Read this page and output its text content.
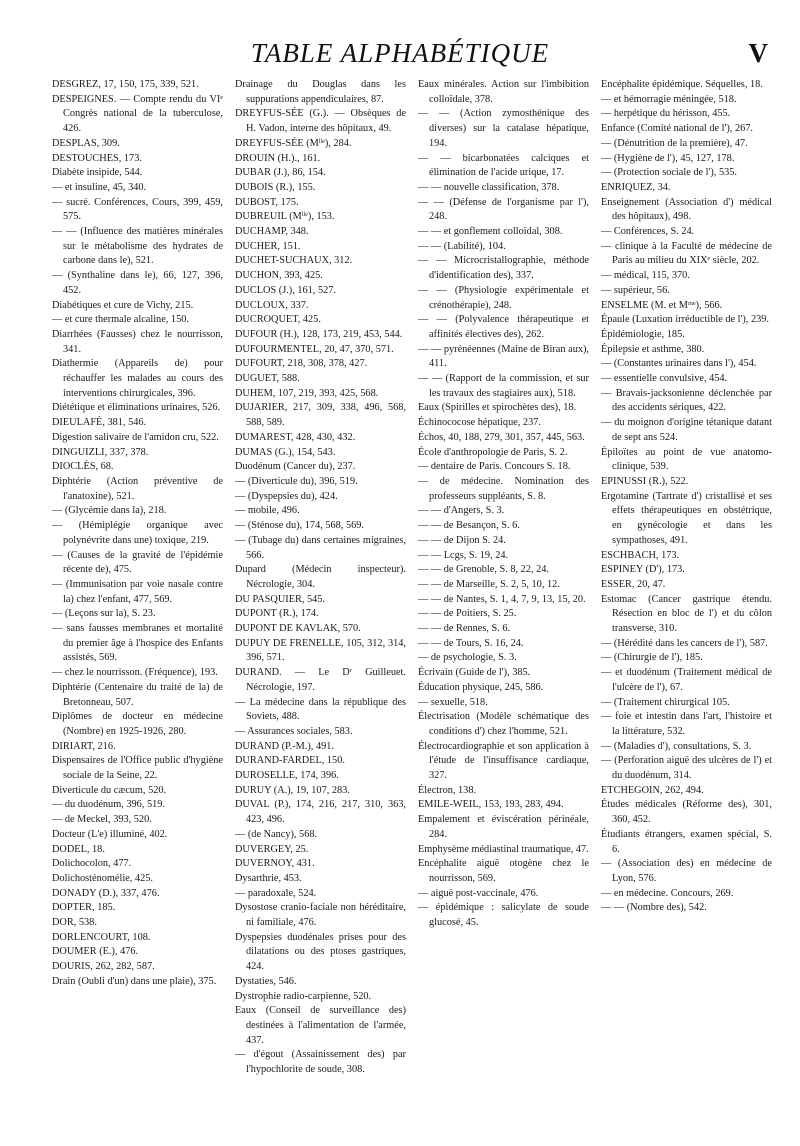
TABLE ALPHABÉTIQUE	V
DESGREZ, 17, 150, 175, 339, 521.
DESPEIGNES. — Compte rendu du VIᵉ Congrès national de la tuberculose, 426.
DESPLAS, 309.
DESTOUCHES, 173.
Diabète insipide, 544.
— et insuline, 45, 340.
— sucré. Conférences, Cours, 399, 459, 575.
— — (Influence des matières minérales sur le métabolisme des hydrates de carbone dans le), 521.
— (Synthaline dans le), 66, 127, 396, 452.
Diabétiques et cure de Vichy, 215.
— et cure thermale alcaline, 150.
Diarrhées (Fausses) chez le nourrisson, 341.
Diathermie (Appareils de) pour réchauffer les malades au cours des interventions chirurgicales, 396.
Diététique et éliminations urinaires, 526.
DIEULAFÉ, 381, 546.
Digestion salivaire de l'amidon cru, 522.
DINGUIZLI, 337, 378.
DIOCLÈS, 68.
Diphtérie (Action préventive de l'anatoxine), 521.
— (Glycémie dans la), 218.
— (Hémiplégie organique avec polynévrite dans une) toxique, 219.
— (Causes de la gravité de l'épidémie récente de), 475.
— (Immunisation par voie nasale contre la) chez l'enfant, 477, 569.
— (Leçons sur la), S. 23.
— sans fausses membranes et mortalité du premier âge à l'hospice des Enfants assistés, 569.
— chez le nourrisson. (Fréquence), 193.
Diphtérie (Centenaire du traité de la) de Bretonneau, 507.
Diplômes de docteur en médecine (Nombre) en 1925-1926, 280.
DIRIART, 216.
Dispensaires de l'Office public d'hygiène sociale de la Seine, 22.
Diverticule du cæcum, 520.
— du duodénum, 396, 519.
— de Meckel, 393, 520.
Docteur (L'e) illuminé, 402.
DODEL, 18.
Dolichocolon, 477.
Dolichosténomélie, 425.
DONADY (D.), 337, 476.
DOPTER, 185.
DOR, 538.
DORLENCOURT, 108.
DOUMER (E.), 476.
DOURIS, 262, 282, 587.
Drain (Oubli d'un) dans une plaie), 375.
Drainage du Douglas dans les suppurations appendiculaires, 87.
DREYFUS-SÉE (G.). — Obsèques de H. Vadon, interne des hôpitaux, 49.
DREYFUS-SÉE (Mˡˡᵉ), 284.
DROUIN (H.)., 161.
DUBAR (J.), 86, 154.
DUBOIS (R.), 155.
DUBOST, 175.
DUBREUIL (Mˡˡᵉ), 153.
DUCHAMP, 348.
DUCHER, 151.
DUCHET-SUCHAUX, 312.
DUCHON, 393, 425.
DUCLOS (J.), 161, 527.
DUCLOUX, 337.
DUCROQUET, 425.
DUFOUR (H.), 128, 173, 219, 453, 544.
DUFOURMENTEL, 20, 47, 370, 571.
DUFOURT, 218, 308, 378, 427.
DUGUET, 588.
DUHEM, 107, 219, 393, 425, 568.
DUJARIER, 217, 309, 338, 496, 568, 588, 589.
DUMAREST, 428, 430, 432.
DUMAS (G.), 154, 543.
Duodénum (Cancer du), 237.
— (Diverticule du), 396, 519.
— (Dyspepsies du), 424.
— mobile, 496.
— (Sténose du), 174, 568, 569.
— (Tubage du) dans certaines migraines, 566.
Dupard (Médecin inspecteur). Nécrologie, 304.
DU PASQUIER, 545.
DUPONT (R.), 174.
DUPONT DE KAVLAK, 570.
DUPUY DE FRENELLE, 105, 312, 314, 396, 571.
DURAND. — Le Dʳ Guilleuet. Nécrologie, 197.
— La médecine dans la république des Soviets, 488.
— Assurances sociales, 583.
DURAND (P.-M.), 491.
DURAND-FARDEL, 150.
DUROSELLE, 174, 396.
DURUY (A.), 19, 107, 283.
DUVAL (P.), 174, 216, 217, 310, 363, 423, 496.
— (de Nancy), 568.
DUVERGEY, 25.
DUVERNOY, 431.
Dysarthrie, 453.
— paradoxale, 524.
Dysostose cranio-faciale non héréditaire, ni familiale, 476.
Dyspepsies duodénales prises pour des dilatations ou des ptoses gastriques, 424.
Dystaties, 546.
Dystrophie radio-carpienne, 520.
Eaux (Conseil de surveillance des) destinées à l'alimentation de l'armée, 437.
— d'égout (Assainissement des) par l'hypochlorite de soude, 308.
Eaux minérales. Action sur l'imbibition colloïdale, 378.
— — (Action zymosthénique des diverses) sur la catalase hépatique, 194.
— — bicarbonatées calciques et élimination de l'acide urique, 17.
— — nouvelle classification, 378.
— — (Défense de l'organisme par l'), 248.
— — et gonflement colloïdal, 308.
— — (Labilité), 104.
— — Microcristallographie, méthode d'identification des), 337.
— — (Physiologie expérimentale et crénothérapie), 248.
— — (Polyvalence thérapeutique et affinités électives des), 262.
— — pyrénéennes (Maine de Biran aux), 411.
— — (Rapport de la commission, et sur les travaux des stagiaires aux), 518.
Eaux (Spirilles et spirochètes des), 18.
Échinococose hépatique, 237.
Échos, 40, 188, 279, 301, 357, 445, 563.
École d'anthropologie de Paris, S. 2.
— dentaire de Paris. Concours S. 18.
— de médecine. Nomination des professeurs suppléants, S. 8.
— — d'Angers, S. 3.
— — de Besançon, S. 6.
— — de Dijon S. 24.
— — Lcgs, S. 19, 24.
— — de Grenoble, S. 8, 22, 24.
— — de Marseille, S. 2, 5, 10, 12.
— — de Nantes, S. 1, 4, 7, 9, 13, 15, 20.
— — de Poitiers, S. 25.
— — de Rennes, S. 6.
— — de Tours, S. 16, 24.
— de psychologie, S. 3.
Écrivain (Guide de l'), 385.
Éducation physique, 245, 586.
— sexuelle, 518.
Électrisation (Modèle schématique des conditions d') chez l'homme, 521.
Électrocardiographie et son application à l'étude de l'insuffisance cardiaque, 327.
Électron, 138.
EMILE-WEIL, 153, 193, 283, 494.
Empalement et éviscération périnéale, 284.
Emphysème médiastinal traumatique, 47.
Encéphalite aiguë otogène chez le nourrisson, 569.
— aiguë post-vaccinale, 476.
— épidémique : salicylate de soude glucosé, 45.
Encéphalite épidémique. Séquelles, 18.
— et hémorragie méningée, 518.
— herpétique du hérisson, 455.
Enfance (Comité national de l'), 267.
— (Dénutrition de la première), 47.
— (Hygiène de l'), 45, 127, 178.
— (Protection sociale de l'), 535.
ENRIQUEZ, 34.
Enseignement (Association d') médical des hôpitaux), 498.
— Conférences, S. 24.
— clinique à la Faculté de médecine de Paris au milieu du XIXᵉ siècle, 202.
— médical, 115, 370.
— supérieur, 56.
ENSELME (M. et Mᵐᵉ), 566.
Épaule (Luxation irréductible de l'), 239.
Épidémiologie, 185.
Épilepsie et asthme, 380.
— (Constantes urinaires dans l'), 454.
— essentielle convulsive, 454.
— Bravais-jacksonienne déclenchée par des accidents sériques, 422.
— du moignon d'origine tétanique datant de sept ans 524.
Épiloïtes au point de vue anatomo-clinique, 539.
EPINUSSI (R.), 522.
Ergotamine (Tartrate d') cristallisé et ses effets thérapeutiques en obstétrique, en gynécologie et dans les sympathoses, 491.
ESCHBACH, 173.
ESPINEY (D'), 173.
ESSER, 20, 47.
Estomac (Cancer gastrique étendu. Résection en bloc de l') et du côlon transverse, 310.
— (Hérédité dans les cancers de l'), 587.
— (Chirurgie de l'), 185.
— et duodénum (Traitement médical de l'ulcère de l'), 67.
— (Traitement chirurgical 105.
— foie et intestin dans l'art, l'histoire et la littérature, 532.
— (Maladies d'), consultations, S. 3.
— (Perforation aiguë des ulcères de l') et du duodénum, 314.
ETCHEGOIN, 262, 494.
Études médicales (Réforme des), 301, 360, 452.
Étudiants étrangers, examen spécial, S. 6.
— (Association des) en médecine de Lyon, 576.
— en médecine. Concours, 269.
— — (Nombre des), 542.
